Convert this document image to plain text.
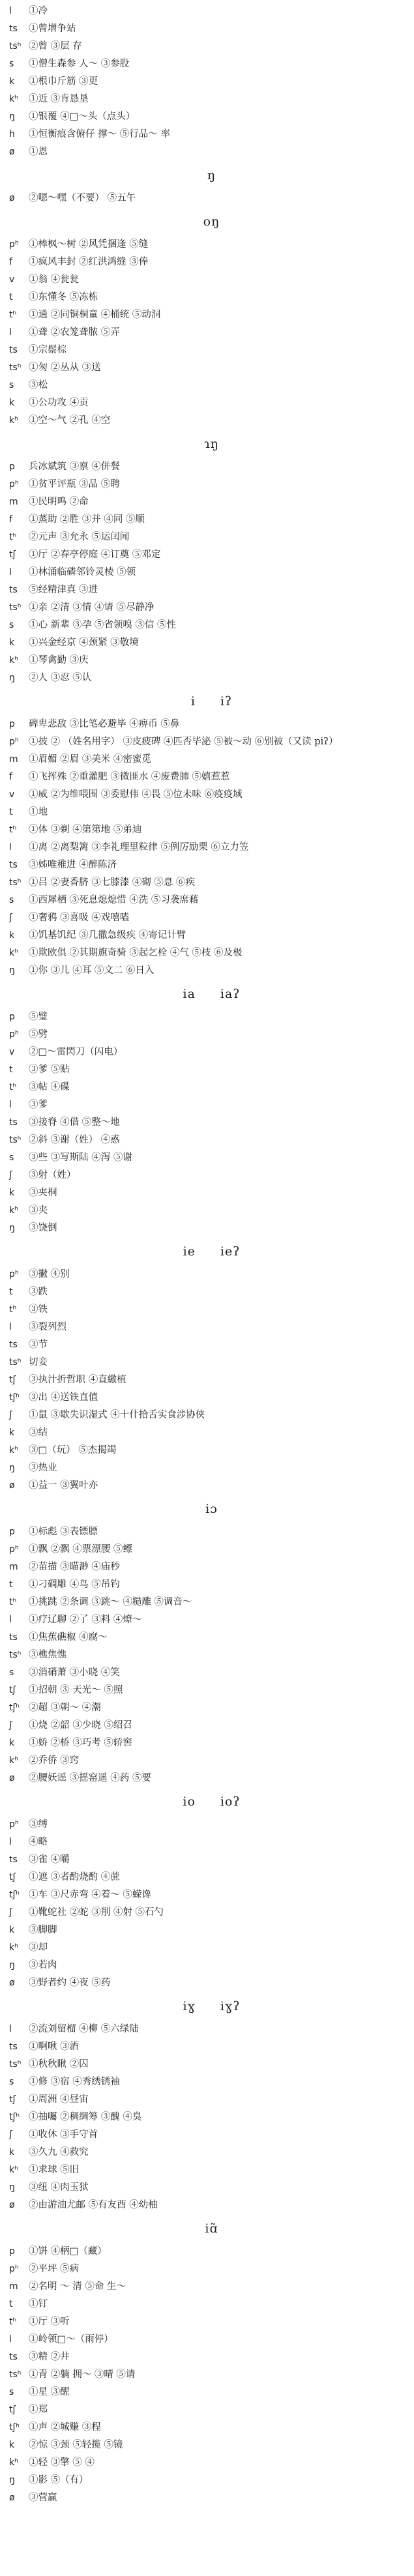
l	①冷
ts	①曾增争站
tsʰ ②曾 ③层 存
s	①僧生森参 人～ ③参股
k	①根巾斤筋 ③更
kʰ	①近 ③肯恳垦
ŋ	①银覆 ④□～头（点头）
h	①恒衡痕含俯仔 撑～ ⑤行品～ 率
ø	①恩
ŋ
ø	②嗯～嘿（不要） ⑤五午
oŋ
pʰ	①棒枫～树 ②风凭捆逢 ⑤缝
f	①疯风丰封 ②红洪鸿缝 ③俸
v	①翁 ④瓮瓮
t	①东懂冬 ⑤冻栋
tʰ	①通 ②同铜桐童 ④桶统 ⑤动洞
l	①聋 ②农笼聋脓 ⑤弄
ts	①宗鬃棕
tsʰ ①匆 ②丛从 ③送
s	③松
k	①公功攻 ④贡
kʰ	①空～气 ②孔 ④空
ɿŋ
p	兵冰斌筑 ③禀 ④併餐
pʰ	①贫平评瓶 ③品 ⑤聘
m	①民明鸣 ②命
f	①蒸助 ②胜 ③并 ④同 ⑤顺
tʰ	②元声 ③允永 ⑤运闰闻
tʃ	①厅 ②春亭停庭 ④订奠 ⑤邓定
l	①林涌临磷邻铃灵棱 ⑤领
ts	⑤经精津真 ③进
tsʰ ①亲 ②清 ③情 ④请 ⑤尽静净
s	①心 新辈 ③孕 ⑤省领嗅 ③信 ⑤性
k	①兴金经京 ④颈紧 ③敬境
kʰ	①琴禽勤 ③庆
ŋ	②人 ③忍 ⑤认
i iʔ
p	碑卑悲敌 ③比笔必避毕 ④痹币 ⑤鼻
pʰ	①披 ② （姓名用字） ③皮疲碑 ④匹否毕泌 ⑤被～动 ⑥别被（又读 piʔ）
m	①眉媚 ②眉 ③美米 ④密蜜觅
f	①飞挥殊 ②重灌肥 ③微匪水 ④废费肺 ⑤嬉惹惹
v	①威 ②为维喂围 ③委慰伟 ④畏 ⑤位未味 ⑥疫疫域
t	①地
tʰ	①体 ③剃 ④第第地 ⑤弟迪
l	①离 ②离梨篱 ③李礼理里粒律 ⑤例厉励栗 ⑥立力笠
ts	③姊唯稚进 ④醉陈济
tsʰ ①吕 ②妻香脐 ③七膝漆 ④砌 ⑤息 ⑥疾
s	①西犀栖 ③死息熄熄惜 ④洗 ⑤习袭席藉
ʃ	①奢鸦 ③喜吸 ④戏嘻嗑
k	①饥基饥纪 ③几撒急级疾 ④寄记计臂
kʰ	①欺欧俱 ②其期旗奇骑 ③起乞栓 ④气 ⑤枝 ⑥及极
ŋ	①你 ③儿 ④耳 ⑤文二 ⑥日入
ia iaʔ
p	⑤璧
pʰ	⑤劈
v	②□～雷閃刀（闪电）
t	③爹 ⑤贴
tʰ	③帖 ④碟
l	③爹
ts	③接脊 ④借 ⑤整～地
tsʰ ②斜 ③谢（姓） ④惑
s	③些 ③写斯陆 ④泻 ⑤谢
ʃ	③射（姓）
k	③夹桐
kʰ	③夹
ŋ	③饶倒
ie ieʔ
pʰ	③撇 ④别
t	③跌
tʰ	③铁
l	③裂列烈
ts	③节
tsʰ 切妾
tʃ	③执汁折哲职 ④直繳植
tʃʰ ③出 ④送铁直值
ʃ	①鼠 ③歇失识湿式 ④十什拾舌实食涉协侠
k	③结
kʰ	③□（玩） ⑤杰揭竭
ŋ	③热业
ø	①益一 ③翼叶亦
iɔ
p	①标彪 ③表镖膘
pʰ	①飘 ②飘 ④票漂腰 ⑤鳔
m	②苗描 ③瞄渺 ④庙秒
t	①刁碉雕 ④鸟 ⑤吊钓
tʰ	①挑跳 ②条调 ③跳～ ④糙雕 ⑤调音～
l	①疗辽聊 ②了 ③料 ④燎～
ts	①焦蕉礁椒 ④腐～
tsʰ ③樵焦憔
s	③消硝萧 ③小晓 ④笑
tʃ	①招朝 ③ 天光～ ⑤照
tʃʰ ②超 ③朝～ ④潮
ʃ	①烧 ②韶 ③少晓 ⑤绍召
k	①娇 ②桥 ③巧考 ⑤轿窖
kʰ	②乔侨 ③窍
ø	②腰妖谣 ③摇窑遥 ④药 ⑤要
io ioʔ
pʰ	③缚
l	④略
ts	③雀 ④嚼
tʃ	①遮 ③者酌烧酌 ④蔗
tʃʰ ①车 ③尺赤弯 ④着～ ⑤蝾谗
ʃ	①靴蛇社 ②蛇 ③削 ④射 ⑤石勺
k	③脚脚
kʰ	③却
ŋ	③若肉
ø	③野者约 ④夜 ⑤药
iɣ iɣʔ
l	②流刘留榴 ④柳 ⑤六绿陆
ts	①啊啾 ③酒
tsʰ ①秋秋瞅 ②囚
s	①修 ③宿 ④秀绣锈袖
tʃ	①周洲 ④昼宙
tʃʰ ①抽囑 ②稠绸筹 ③醜 ④臭
ʃ	①收休 ③手守首
k	③久九 ④救究
kʰ	①求球 ⑤旧
ŋ	③纽 ④肉玉狱
ø	②由游油尤邮 ⑤有友酉 ④幼柚
iɑ̃
p	①饼 ④柄□（藏）
pʰ	②平坪 ⑤病
m	②名明 ～ 清 ⑤命 生～
t	①钉
tʰ	①厅 ③听
l	①岭领□～（雨停）
ts	③精 ②井
tsʰ ①青 ②躺 拥～ ③晴 ⑤请
s	①星 ③醒
tʃ	①郑
tʃʰ ①声 ②城赚 ③程
k	②惊 ③颈 ⑤轻揽 ⑤镜
kʰ	①轻 ③擎 ⑤ ④
ŋ	①影 ⑤（有）
ø	③营赢
